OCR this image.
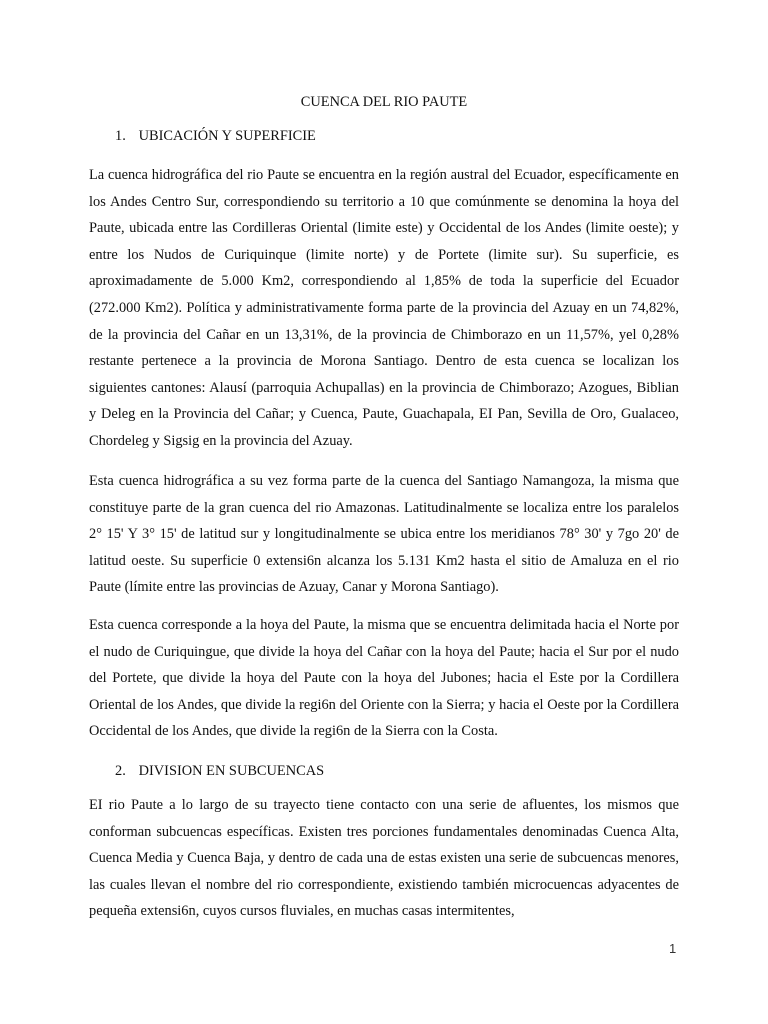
CUENCA DEL RIO PAUTE
1. UBICACIÓN Y SUPERFICIE

La cuenca hidrográfica del rio Paute se encuentra en la región austral del Ecuador, específicamente en los Andes Centro Sur, correspondiendo su territorio a 10 que comúnmente se denomina la hoya del Paute, ubicada entre las Cordilleras Oriental (limite este) y Occidental de los Andes (limite oeste); y entre los Nudos de Curiquinque (limite norte) y de Portete (limite sur). Su superficie, es aproximadamente de 5.000 Km2, correspondiendo al 1,85% de toda la superficie del Ecuador (272.000 Km2). Política y administrativamente forma parte de la provincia del Azuay en un 74,82%, de la provincia del Cañar en un 13,31%, de la provincia de Chimborazo en un 11,57%, yel 0,28% restante pertenece a la provincia de Morona Santiago. Dentro de esta cuenca se localizan los siguientes cantones: Alausí (parroquia Achupallas) en la provincia de Chimborazo; Azogues, Biblian y Deleg en la Provincia del Cañar; y Cuenca, Paute, Guachapala, EI Pan, Sevilla de Oro, Gualaceo, Chordeleg y Sigsig en la provincia del Azuay.

Esta cuenca hidrográfica a su vez forma parte de la cuenca del Santiago Namangoza, la misma que constituye parte de la gran cuenca del rio Amazonas. Latitudinalmente se localiza entre los paralelos 2° 15' Y 3° 15' de latitud sur y longitudinalmente se ubica entre los meridianos 78° 30' y 7go 20' de latitud oeste. Su superficie 0 extensi6n alcanza los 5.131 Km2 hasta el sitio de Amaluza en el rio Paute (límite entre las provincias de Azuay, Canar y Morona Santiago).

Esta cuenca corresponde a la hoya del Paute, la misma que se encuentra delimitada hacia el Norte por el nudo de Curiquingue, que divide la hoya del Cañar con la hoya del Paute; hacia el Sur por el nudo del Portete, que divide la hoya del Paute con la hoya del Jubones; hacia el Este por la Cordillera Oriental de los Andes, que divide la regi6n del Oriente con la Sierra; y hacia el Oeste por la Cordillera Occidental de los Andes, que divide la regi6n de la Sierra con la Costa.

2. DIVISION EN SUBCUENCAS

EI rio Paute a lo largo de su trayecto tiene contacto con una serie de afluentes, los mismos que conforman subcuencas específicas. Existen tres porciones fundamentales denominadas Cuenca Alta, Cuenca Media y Cuenca Baja, y dentro de cada una de estas existen una serie de subcuencas menores, las cuales llevan el nombre del rio correspondiente, existiendo también microcuencas adyacentes de pequeña extensi6n, cuyos cursos fluviales, en muchas casas intermitentes,

1
